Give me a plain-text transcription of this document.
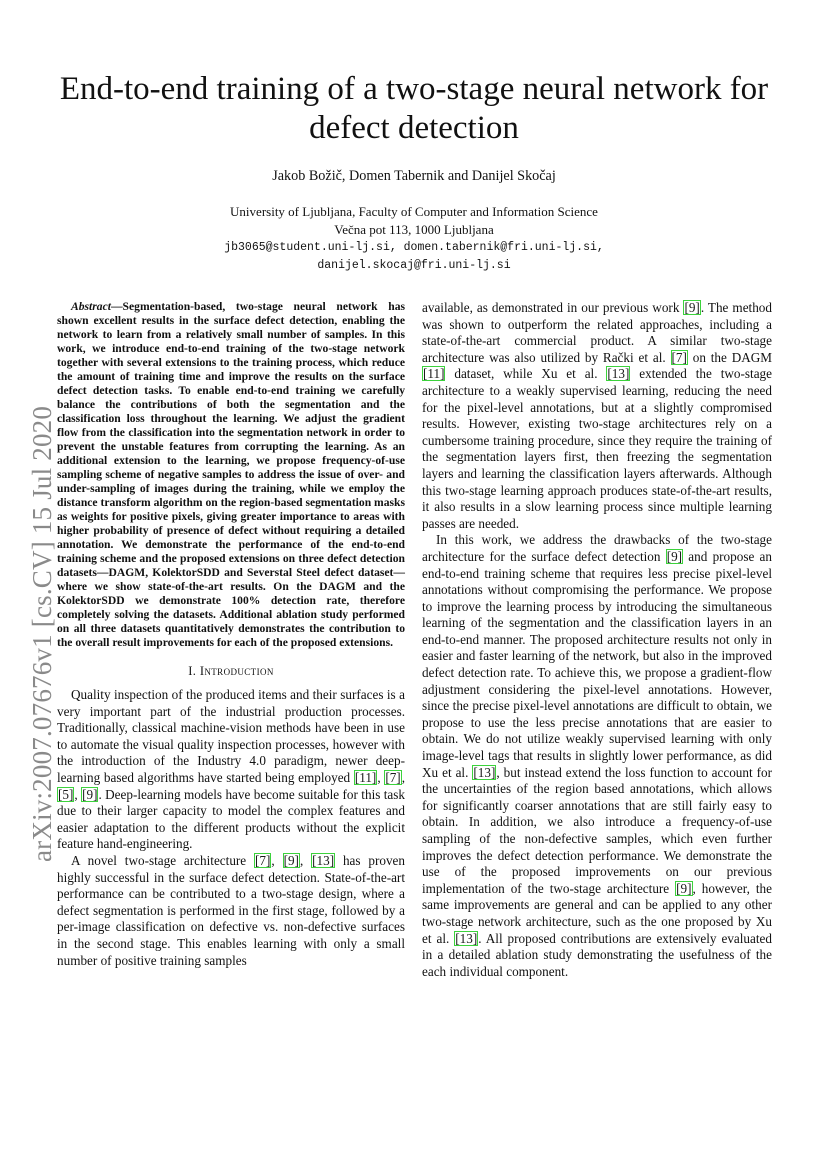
End-to-end training of a two-stage neural network for defect detection
Jakob Božič, Domen Tabernik and Danijel Skočaj
University of Ljubljana, Faculty of Computer and Information Science
Večna pot 113, 1000 Ljubljana
jb3065@student.uni-lj.si, domen.tabernik@fri.uni-lj.si,
danijel.skocaj@fri.uni-lj.si
arXiv:2007.07676v1 [cs.CV] 15 Jul 2020

Abstract—Segmentation-based, two-stage neural network has shown excellent results in the surface defect detection, enabling the network to learn from a relatively small number of samples. In this work, we introduce end-to-end training of the two-stage network together with several extensions to the training process, which reduce the amount of training time and improve the results on the surface defect detection tasks. To enable end-to-end training we carefully balance the contributions of both the segmentation and the classification loss throughout the learning. We adjust the gradient flow from the classification into the segmentation network in order to prevent the unstable features from corrupting the learning. As an additional extension to the learning, we propose frequency-of-use sampling scheme of negative samples to address the issue of over- and under-sampling of images during the training, while we employ the distance transform algorithm on the region-based segmentation masks as weights for positive pixels, giving greater importance to areas with higher probability of presence of defect without requiring a detailed annotation. We demonstrate the performance of the end-to-end training scheme and the proposed extensions on three defect detection datasets—DAGM, KolektorSDD and Severstal Steel defect dataset— where we show state-of-the-art results. On the DAGM and the KolektorSDD we demonstrate 100% detection rate, therefore completely solving the datasets. Additional ablation study performed on all three datasets quantitatively demonstrates the contribution to the overall result improvements for each of the proposed extensions.

I. Introduction

Quality inspection of the produced items and their surfaces is a very important part of the industrial production processes. Traditionally, classical machine-vision methods have been in use to automate the visual quality inspection processes, however with the introduction of the Industry 4.0 paradigm, newer deep-learning based algorithms have started being employed [11], [7], [5], [9]. Deep-learning models have become suitable for this task due to their larger capacity to model the complex features and easier adaptation to the different products without the explicit feature hand-engineering.

A novel two-stage architecture [7], [9], [13] has proven highly successful in the surface defect detection. State-of-the-art performance can be contributed to a two-stage design, where a defect segmentation is performed in the first stage, followed by a per-image classification on defective vs. non-defective surfaces in the second stage. This enables learning with only a small number of positive training samples

available, as demonstrated in our previous work [9]. The method was shown to outperform the related approaches, including a state-of-the-art commercial product. A similar two-stage architecture was also utilized by Rački et al. [7] on the DAGM [11] dataset, while Xu et al. [13] extended the two-stage architecture to a weakly supervised learning, reducing the need for the pixel-level annotations, but at a slightly compromised results. However, existing two-stage architectures rely on a cumbersome training procedure, since they require the training of the segmentation layers first, then freezing the segmentation layers and learning the classification layers afterwards. Although this two-stage learning approach produces state-of-the-art results, it also results in a slow learning process since multiple learning passes are needed.

In this work, we address the drawbacks of the two-stage architecture for the surface defect detection [9] and propose an end-to-end training scheme that requires less precise pixel-level annotations without compromising the performance. We propose to improve the learning process by introducing the simultaneous learning of the segmentation and the classification layers in an end-to-end manner. The proposed architecture results not only in easier and faster learning of the network, but also in the improved defect detection rate. To achieve this, we propose a gradient-flow adjustment considering the pixel-level annotations. However, since the precise pixel-level annotations are difficult to obtain, we propose to use the less precise annotations that are easier to obtain. We do not utilize weakly supervised learning with only image-level tags that results in slightly lower performance, as did Xu et al. [13], but instead extend the loss function to account for the uncertainties of the region based annotations, which allows for significantly coarser annotations that are still fairly easy to obtain. In addition, we also introduce a frequency-of-use sampling of the non-defective samples, which even further improves the defect detection performance. We demonstrate the use of the proposed improvements on our previous implementation of the two-stage architecture [9], however, the same improvements are general and can be applied to any other two-stage network architecture, such as the one proposed by Xu et al. [13]. All proposed contributions are extensively evaluated in a detailed ablation study demonstrating the usefulness of the each individual component.
